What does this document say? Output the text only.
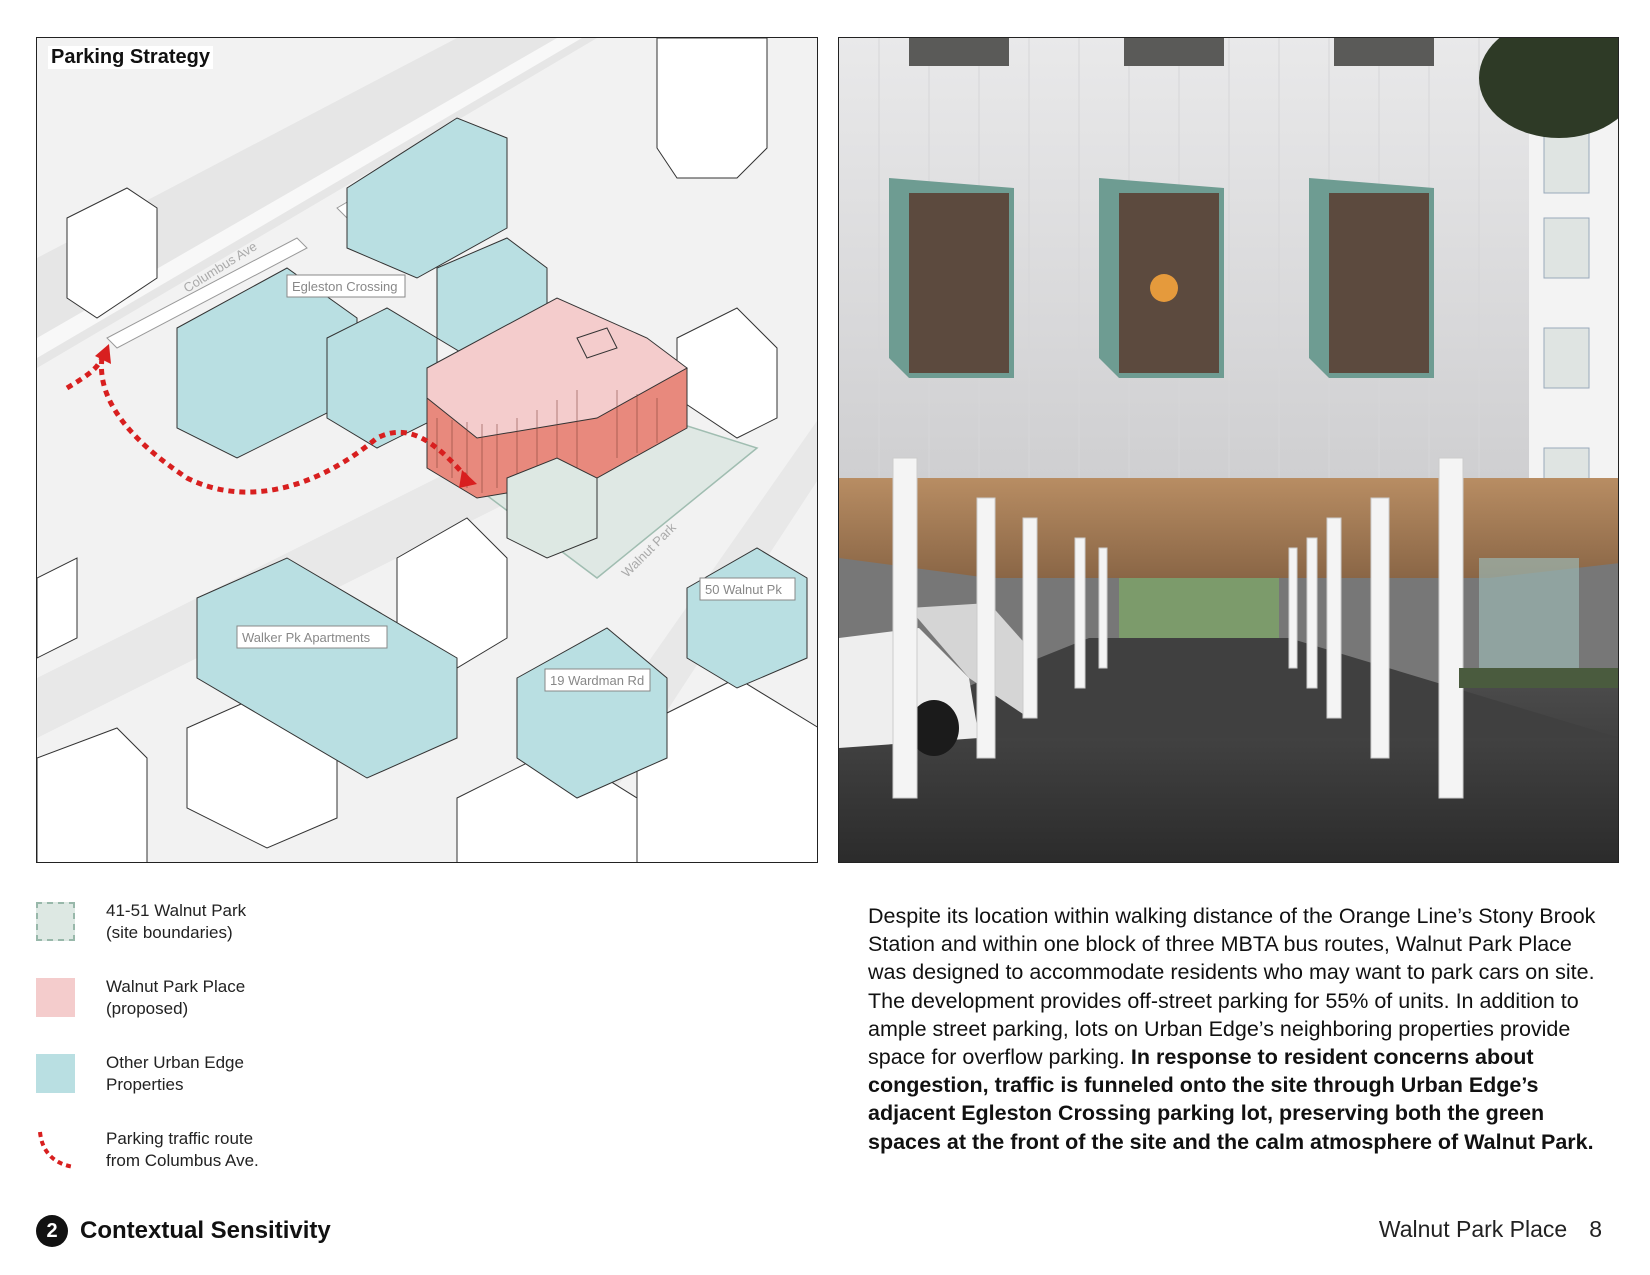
Parking Strategy
Columbus Ave	Egleston Crossing
Walnut Park
50 Walnut Pk
Walker Pk Apartments
19 Wardman Rd
41-51 Walnut Park
(site boundaries)
Walnut Park Place
(proposed)
Other Urban Edge
Properties
Parking traffic route
from Columbus Ave.
Despite its location within walking distance of the Orange Line’s Stony Brook Station and within one block of three MBTA bus routes, Walnut Park Place was designed to accommodate residents who may want to park cars on site. The development provides off-street parking for 55% of units. In addition to ample street parking, lots on Urban Edge’s neighboring properties provide space for overflow parking. In response to resident concerns about congestion, traffic is funneled onto the site through Urban Edge’s adjacent Egleston Crossing parking lot, preserving both the green spaces at the front of the site and the calm atmosphere of Walnut Park.
2 Contextual Sensitivity	Walnut Park Place 8
